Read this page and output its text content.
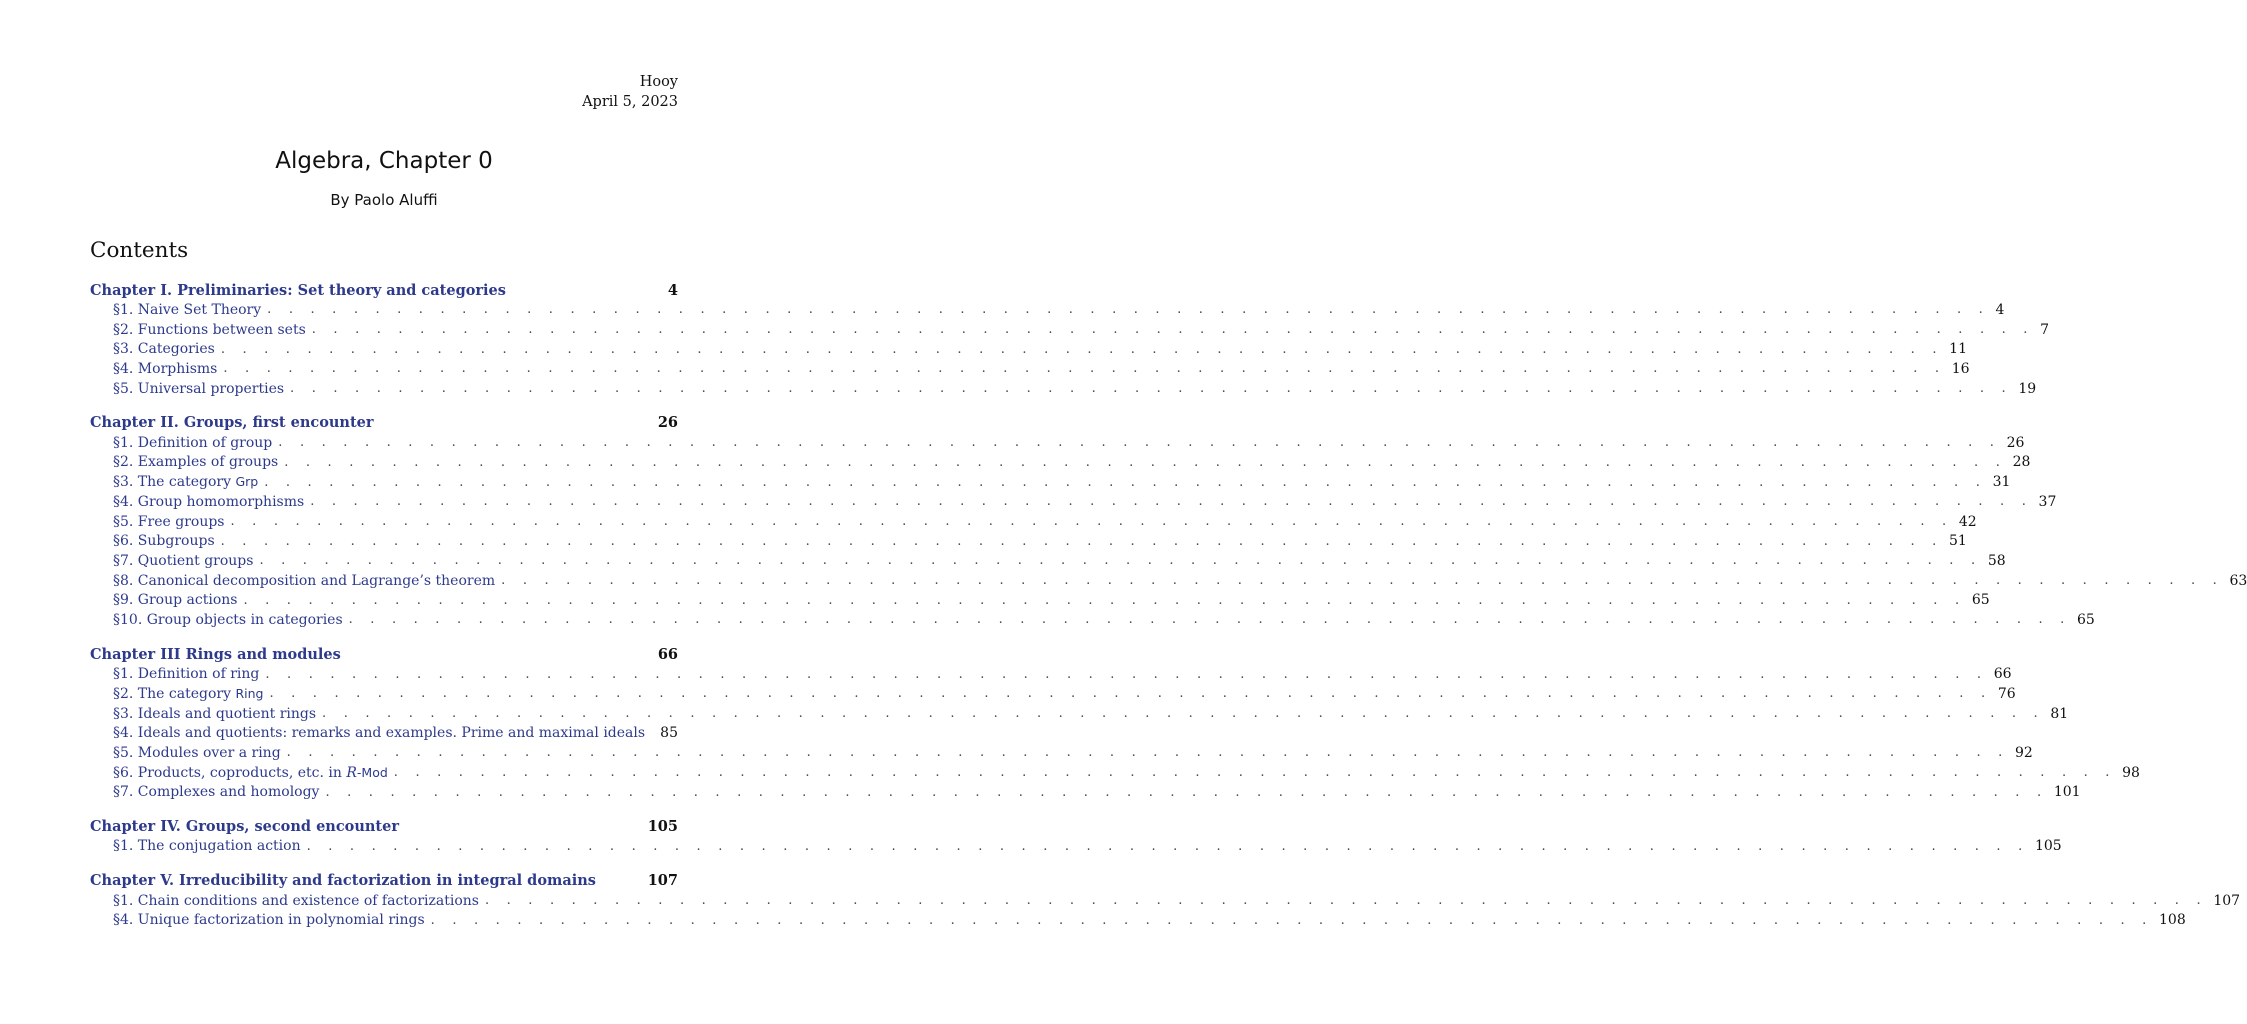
Hooy
April 5, 2023
Algebra, Chapter 0
By Paolo Aluffi
Contents
Chapter I. Preliminaries: Set theory and categories	4
§1. Naive Set Theory . . . . . . . . . . . . . . . . . . . . . . . . . . . . . . . . . . . . . . . . . . . . . . . . . . . . . . . . . . . . . . . . . . . . . . . . . . . . . . . . 4
§2. Functions between sets . . . . . . . . . . . . . . . . . . . . . . . . . . . . . . . . . . . . . . . . . . . . . . . . . . . . . . . . . . . . . . . . . . . . . . . . . . . . . . . . 7
§3. Categories . . . . . . . . . . . . . . . . . . . . . . . . . . . . . . . . . . . . . . . . . . . . . . . . . . . . . . . . . . . . . . . . . . . . . . . . . . . . . . . . 11
§4. Morphisms . . . . . . . . . . . . . . . . . . . . . . . . . . . . . . . . . . . . . . . . . . . . . . . . . . . . . . . . . . . . . . . . . . . . . . . . . . . . . . . . 16
§5. Universal properties . . . . . . . . . . . . . . . . . . . . . . . . . . . . . . . . . . . . . . . . . . . . . . . . . . . . . . . . . . . . . . . . . . . . . . . . . . . . . . . . 19
Chapter II. Groups, first encounter	26
§1. Definition of group . . . . . . . . . . . . . . . . . . . . . . . . . . . . . . . . . . . . . . . . . . . . . . . . . . . . . . . . . . . . . . . . . . . . . . . . . . . . . . . . 26
§2. Examples of groups . . . . . . . . . . . . . . . . . . . . . . . . . . . . . . . . . . . . . . . . . . . . . . . . . . . . . . . . . . . . . . . . . . . . . . . . . . . . . . . . 28
§3. The category Grp . . . . . . . . . . . . . . . . . . . . . . . . . . . . . . . . . . . . . . . . . . . . . . . . . . . . . . . . . . . . . . . . . . . . . . . . . . . . . . . . 31
§4. Group homomorphisms . . . . . . . . . . . . . . . . . . . . . . . . . . . . . . . . . . . . . . . . . . . . . . . . . . . . . . . . . . . . . . . . . . . . . . . . . . . . . . . . 37
§5. Free groups . . . . . . . . . . . . . . . . . . . . . . . . . . . . . . . . . . . . . . . . . . . . . . . . . . . . . . . . . . . . . . . . . . . . . . . . . . . . . . . . 42
§6. Subgroups . . . . . . . . . . . . . . . . . . . . . . . . . . . . . . . . . . . . . . . . . . . . . . . . . . . . . . . . . . . . . . . . . . . . . . . . . . . . . . . . 51
§7. Quotient groups . . . . . . . . . . . . . . . . . . . . . . . . . . . . . . . . . . . . . . . . . . . . . . . . . . . . . . . . . . . . . . . . . . . . . . . . . . . . . . . . 58
§8. Canonical decomposition and Lagrange’s theorem . . . . . . . . . . . . . . . . . . . . . . . . . . . . . . . . . . . . . . . . . . . . . . . . . . . . . . . . . . . . . . . . . . . . . . . . . . . . . . . . 63
§9. Group actions . . . . . . . . . . . . . . . . . . . . . . . . . . . . . . . . . . . . . . . . . . . . . . . . . . . . . . . . . . . . . . . . . . . . . . . . . . . . . . . . 65
§10. Group objects in categories . . . . . . . . . . . . . . . . . . . . . . . . . . . . . . . . . . . . . . . . . . . . . . . . . . . . . . . . . . . . . . . . . . . . . . . . . . . . . . . . 65
Chapter III Rings and modules	66
§1. Definition of ring . . . . . . . . . . . . . . . . . . . . . . . . . . . . . . . . . . . . . . . . . . . . . . . . . . . . . . . . . . . . . . . . . . . . . . . . . . . . . . . . 66
§2. The category Ring . . . . . . . . . . . . . . . . . . . . . . . . . . . . . . . . . . . . . . . . . . . . . . . . . . . . . . . . . . . . . . . . . . . . . . . . . . . . . . . . 76
§3. Ideals and quotient rings . . . . . . . . . . . . . . . . . . . . . . . . . . . . . . . . . . . . . . . . . . . . . . . . . . . . . . . . . . . . . . . . . . . . . . . . . . . . . . . . 81
§4. Ideals and quotients: remarks and examples. Prime and maximal ideals 85
§5. Modules over a ring . . . . . . . . . . . . . . . . . . . . . . . . . . . . . . . . . . . . . . . . . . . . . . . . . . . . . . . . . . . . . . . . . . . . . . . . . . . . . . . . 92
§6. Products, coproducts, etc. in R-Mod . . . . . . . . . . . . . . . . . . . . . . . . . . . . . . . . . . . . . . . . . . . . . . . . . . . . . . . . . . . . . . . . . . . . . . . . . . . . . . . . 98
§7. Complexes and homology . . . . . . . . . . . . . . . . . . . . . . . . . . . . . . . . . . . . . . . . . . . . . . . . . . . . . . . . . . . . . . . . . . . . . . . . . . . . . . . . 101
Chapter IV. Groups, second encounter	105
§1. The conjugation action . . . . . . . . . . . . . . . . . . . . . . . . . . . . . . . . . . . . . . . . . . . . . . . . . . . . . . . . . . . . . . . . . . . . . . . . . . . . . . . . 105
Chapter V. Irreducibility and factorization in integral domains	107
§1. Chain conditions and existence of factorizations . . . . . . . . . . . . . . . . . . . . . . . . . . . . . . . . . . . . . . . . . . . . . . . . . . . . . . . . . . . . . . . . . . . . . . . . . . . . . . . . 107
§4. Unique factorization in polynomial rings . . . . . . . . . . . . . . . . . . . . . . . . . . . . . . . . . . . . . . . . . . . . . . . . . . . . . . . . . . . . . . . . . . . . . . . . . . . . . . . . 108
